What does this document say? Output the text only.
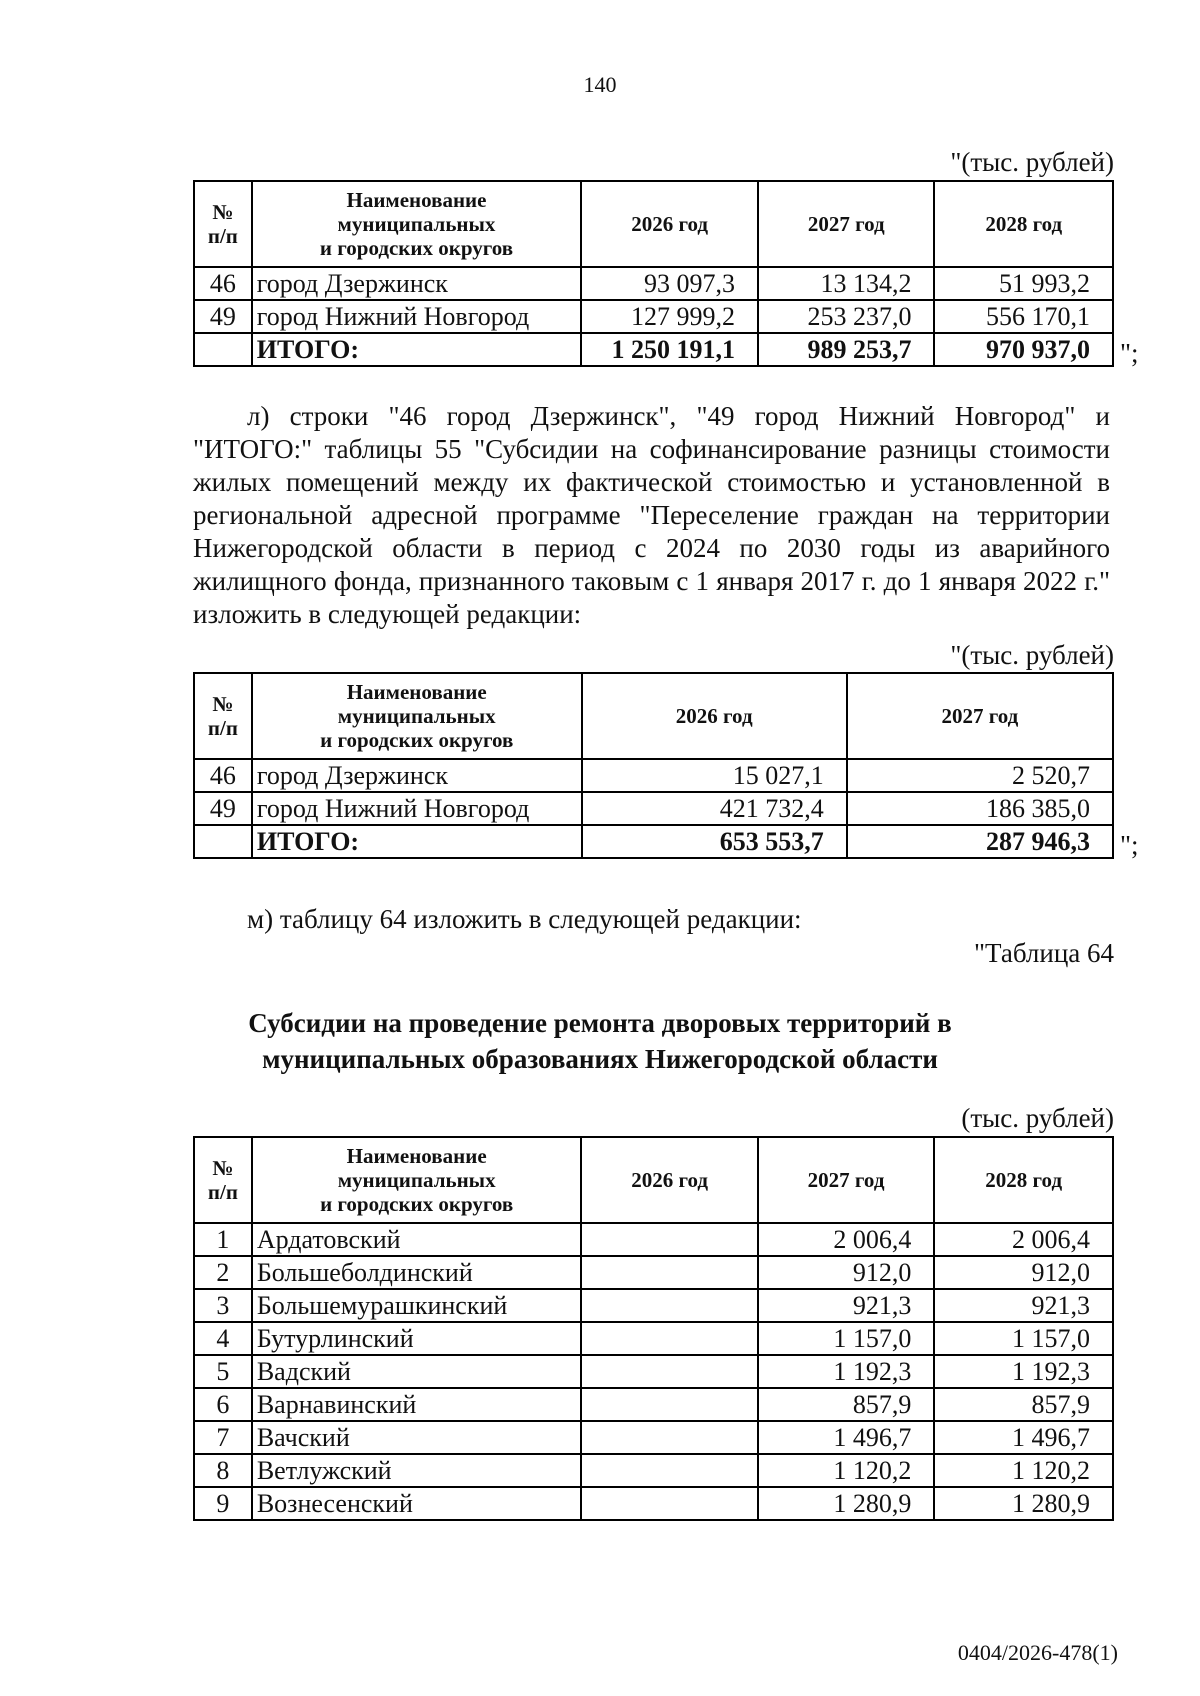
140
"(тыс. рублей)
№
п/п	Наименование
муниципальных
и городских округов	2026 год	2027 год	2028 год
46	город Дзержинск	93 097,3	13 134,2	51 993,2
49	город Нижний Новгород	127 999,2	253 237,0	556 170,1
	ИТОГО:	1 250 191,1	989 253,7	970 937,0 ";

л) строки "46 город Дзержинск", "49 город Нижний Новгород" и "ИТОГО:" таблицы 55 "Субсидии на софинансирование разницы стоимости жилых помещений между их фактической стоимостью и установленной в региональной адресной программе "Переселение граждан на территории Нижегородской области в период с 2024 по 2030 годы из аварийного жилищного фонда, признанного таковым с 1 января 2017 г. до 1 января 2022 г." изложить в следующей редакции:

"(тыс. рублей)
№
п/п	Наименование
муниципальных
и городских округов	2026 год	2027 год
46	город Дзержинск	15 027,1	2 520,7
49	город Нижний Новгород	421 732,4	186 385,0
	ИТОГО:	653 553,7	287 946,3 ";
м) таблицу 64 изложить в следующей редакции:
"Таблица 64
Субсидии на проведение ремонта дворовых территорий в
муниципальных образованиях Нижегородской области
(тыс. рублей)
№
п/п	Наименование
муниципальных
и городских округов	2026 год	2027 год	2028 год
1	Ардатовский		2 006,4	2 006,4
2	Большеболдинский		912,0	912,0
3	Большемурашкинский		921,3	921,3
4	Бутурлинский		1 157,0	1 157,0
5	Вадский		1 192,3	1 192,3
6	Варнавинский		857,9	857,9
7	Вачский		1 496,7	1 496,7
8	Ветлужский		1 120,2	1 120,2
9	Вознесенский		1 280,9	1 280,9
0404/2026-478(1)
